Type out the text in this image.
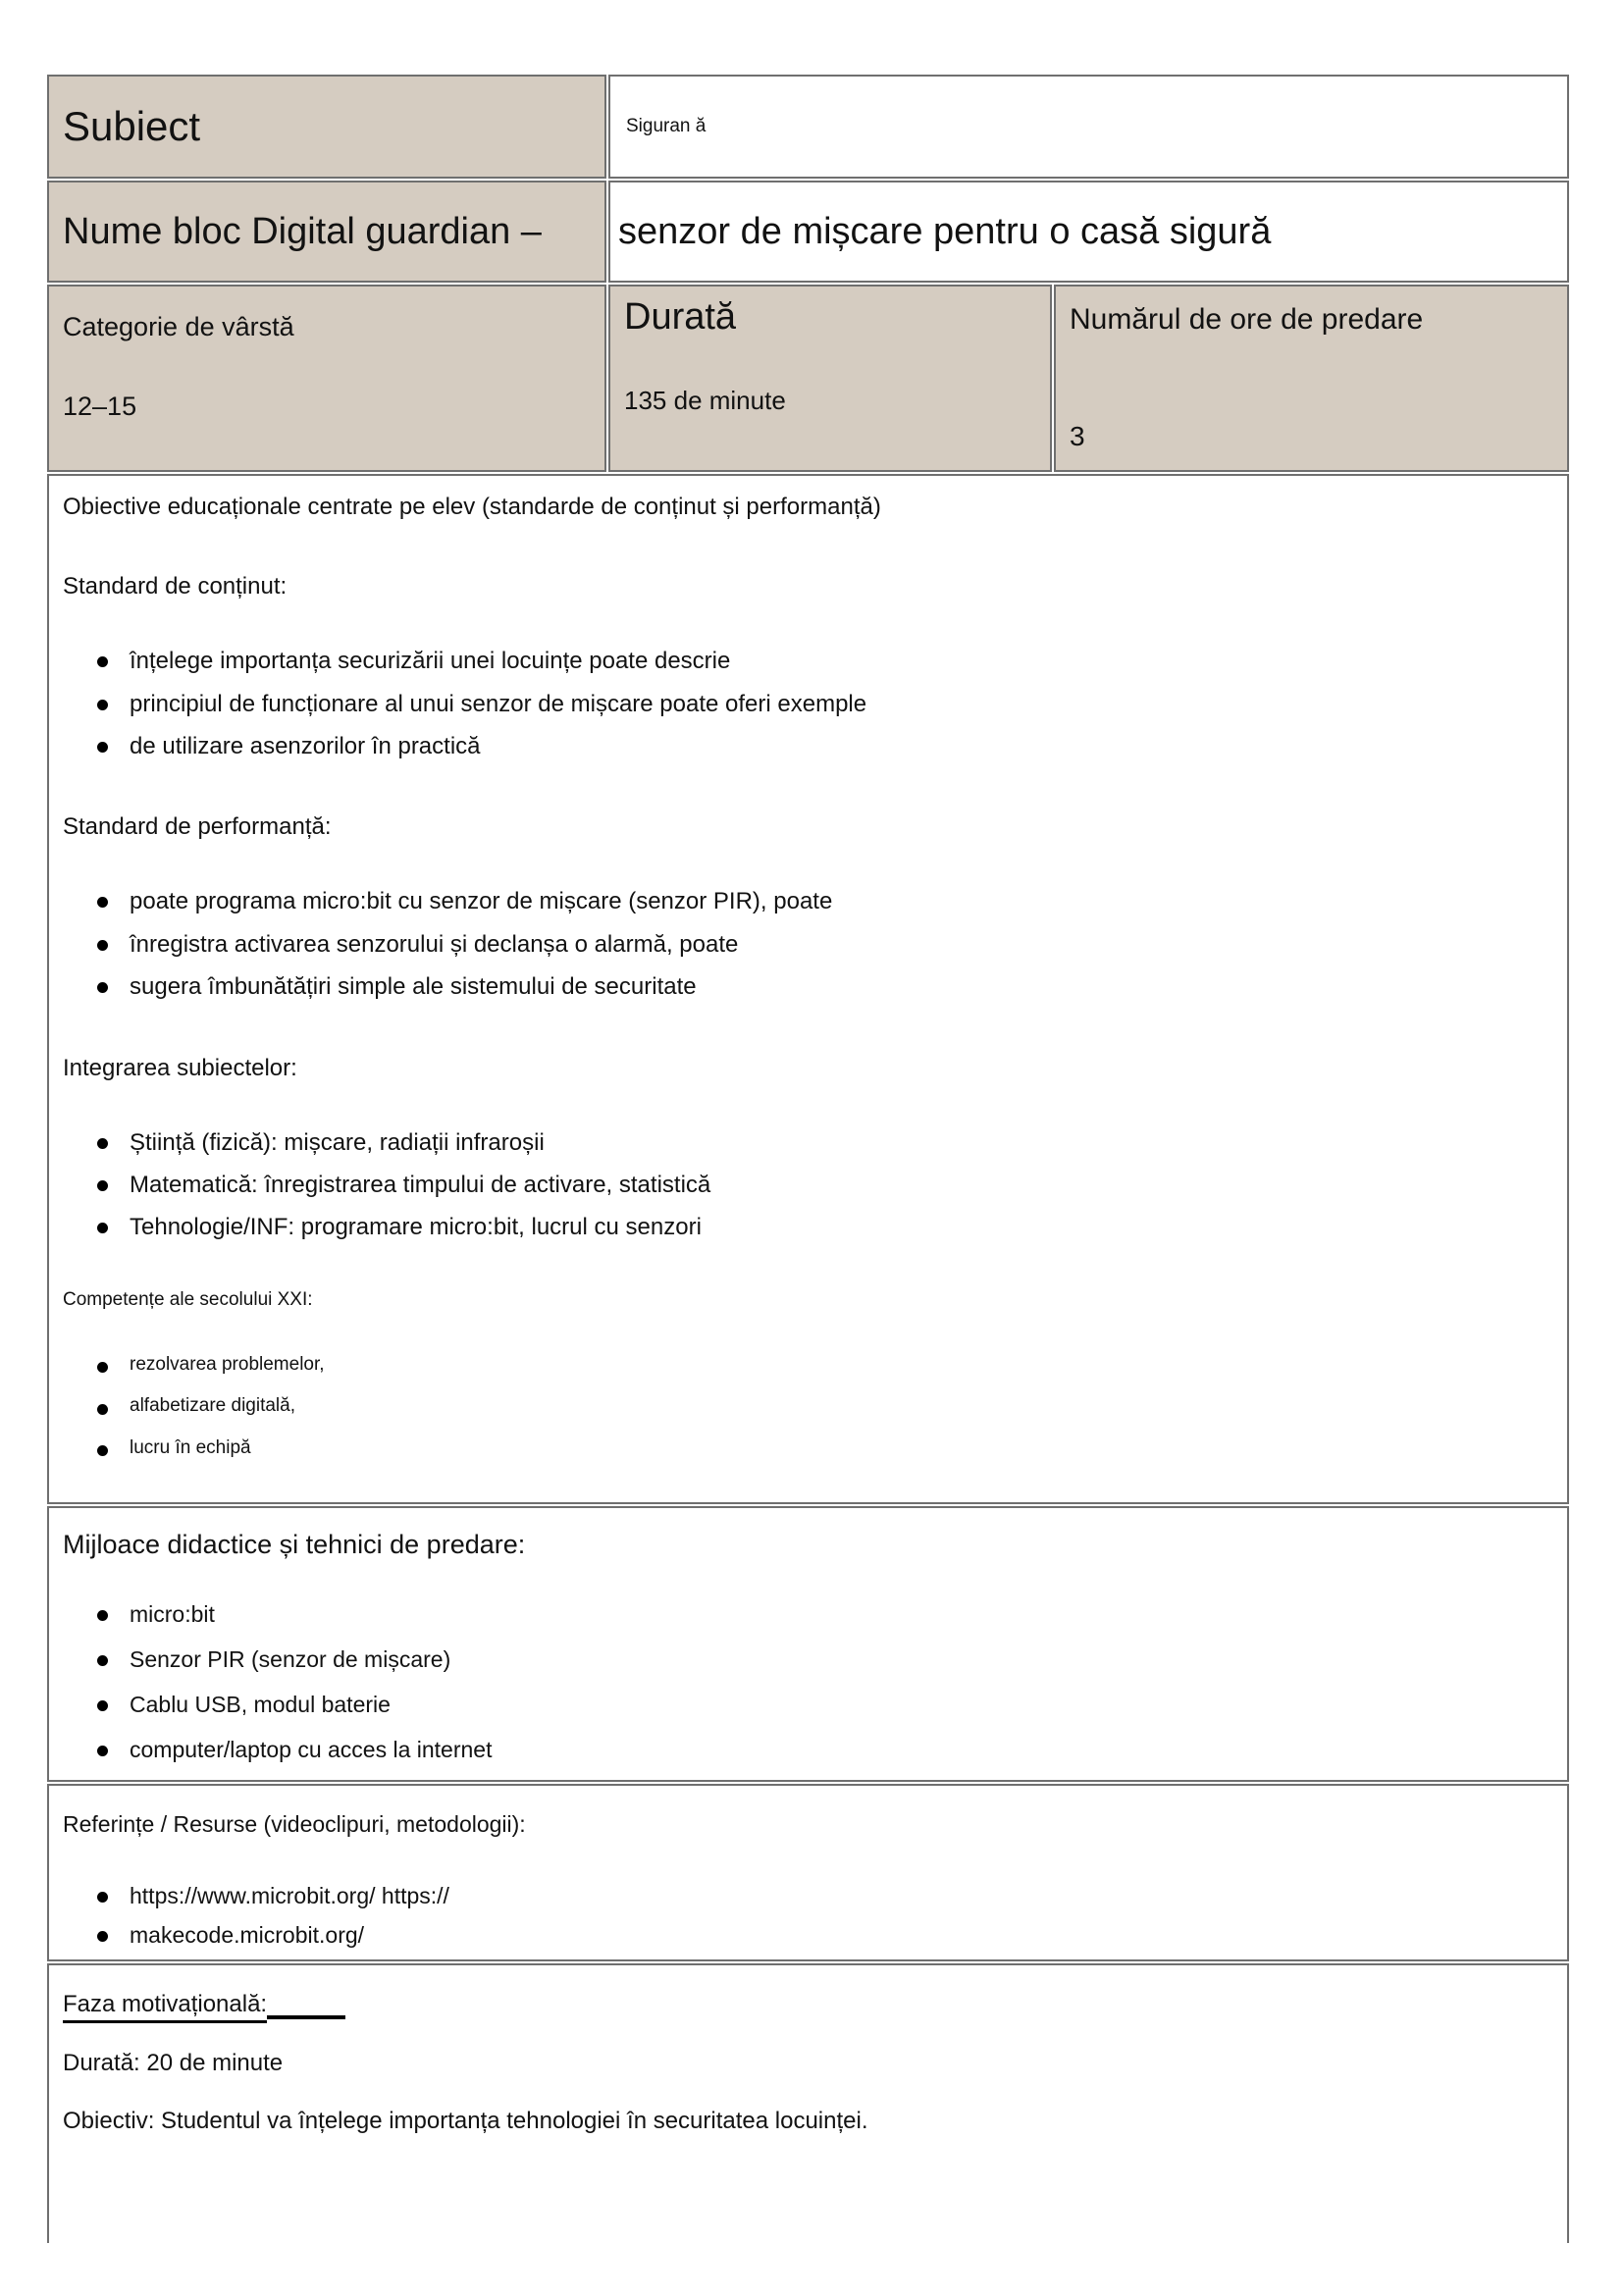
Subiect	Siguran ă	

Nume bloc Digital guardian –	senzor de mișcare pentru o casă sigură	

Categorie de vârstă
12–15

Durată
135 de minute

Numărul de ore de predare
3

Obiective educaționale centrate pe elev (standarde de conținut și performanță)

Standard de conținut:

înțelege importanța securizării unei locuințe poate descrie
principiul de funcționare al unui senzor de mișcare poate oferi exemple
de utilizare asenzorilor în practică

Standard de performanță:

poate programa micro:bit cu senzor de mișcare (senzor PIR), poate
înregistra activarea senzorului și declanșa o alarmă, poate
sugera îmbunătățiri simple ale sistemului de securitate

Integrarea subiectelor:

Știință (fizică): mișcare, radiații infraroșii
Matematică: înregistrarea timpului de activare, statistică
Tehnologie/INF: programare micro:bit, lucrul cu senzori

Competențe ale secolului XXI:

rezolvarea problemelor,
alfabetizare digitală,
lucru în echipă

Mijloace didactice și tehnici de predare:

micro:bit
Senzor PIR (senzor de mișcare)
Cablu USB, modul baterie
computer/laptop cu acces la internet

Referințe / Resurse (videoclipuri, metodologii):

https://www.microbit.org/ https://
makecode.microbit.org/

Faza motivațională:

Durată: 20 de minute

Obiectiv: Studentul va înțelege importanța tehnologiei în securitatea locuinței.		
